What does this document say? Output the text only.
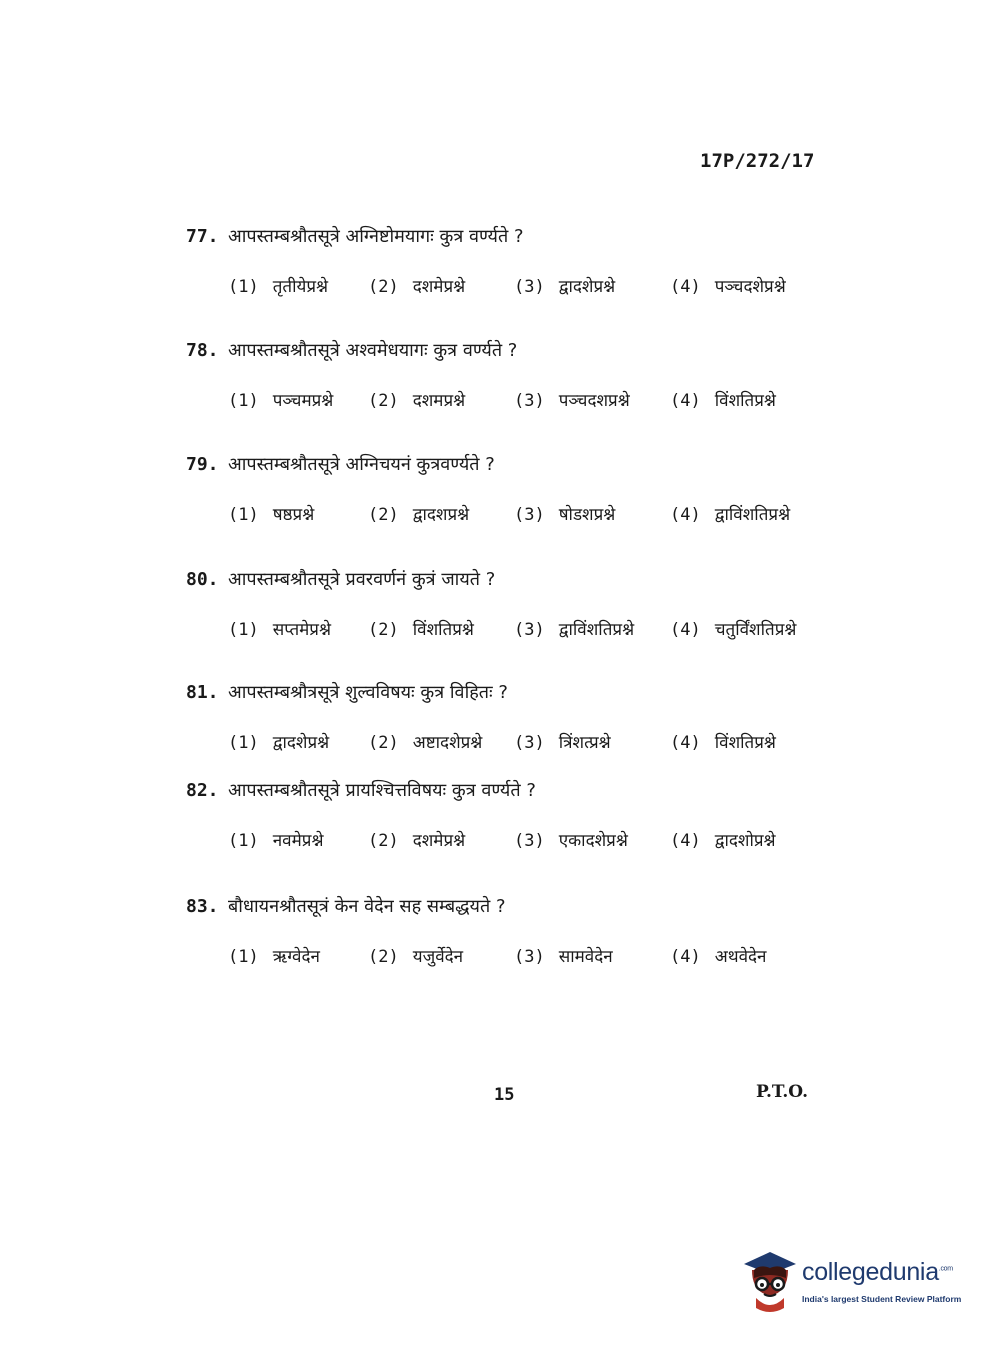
17P/272/17
77. आपस्तम्बश्रौतसूत्रे अग्निष्टोमयागः कुत्र वर्ण्यते ?
(1) तृतीयेप्रश्ने (2) दशमेप्रश्ने	(3) द्वादशेप्रश्ने	(4) पञ्चदशेप्रश्ने
78. आपस्तम्बश्रौतसूत्रे अश्वमेधयागः कुत्र वर्ण्यते ?
(1) पञ्चमप्रश्ने (2) दशमप्रश्ने	(3) पञ्चदशप्रश्ने (4) विंशतिप्रश्ने
79. आपस्तम्बश्रौतसूत्रे अग्निचयनं कुत्रवर्ण्यते ?
(1) षष्ठप्रश्ने	(2) द्वादशप्रश्ने	(3) षोडशप्रश्ने	(4) द्वाविंशतिप्रश्ने
80. आपस्तम्बश्रौतसूत्रे प्रवरवर्णनं कुत्रं जायते ?
(1) सप्तमेप्रश्ने (2) विंशतिप्रश्ने (3) द्वाविंशतिप्रश्ने (4) चतुर्विंशतिप्रश्ने
81. आपस्तम्बश्रौत्रसूत्रे शुल्वविषयः कुत्र विहितः ?
(1) द्वादशेप्रश्ने (2) अष्टादशेप्रश्ने (3) त्रिंशत्प्रश्ने	(4) विंशतिप्रश्ने
82. आपस्तम्बश्रौतसूत्रे प्रायश्चित्तविषयः कुत्र वर्ण्यते ?
(1) नवमेप्रश्ने	(2) दशमेप्रश्ने	(3) एकादशेप्रश्ने (4) द्वादशोप्रश्ने
83. बौधायनश्रौतसूत्रं केन वेदेन सह सम्बद्धयते ?
(1) ऋग्वेदेन	(2) यजुर्वेदेन	(3) सामवेदेन	(4) अथवेदेन
15	P.T.O.
collegedunia$^{.com}$
India's largest Student Review Platform
